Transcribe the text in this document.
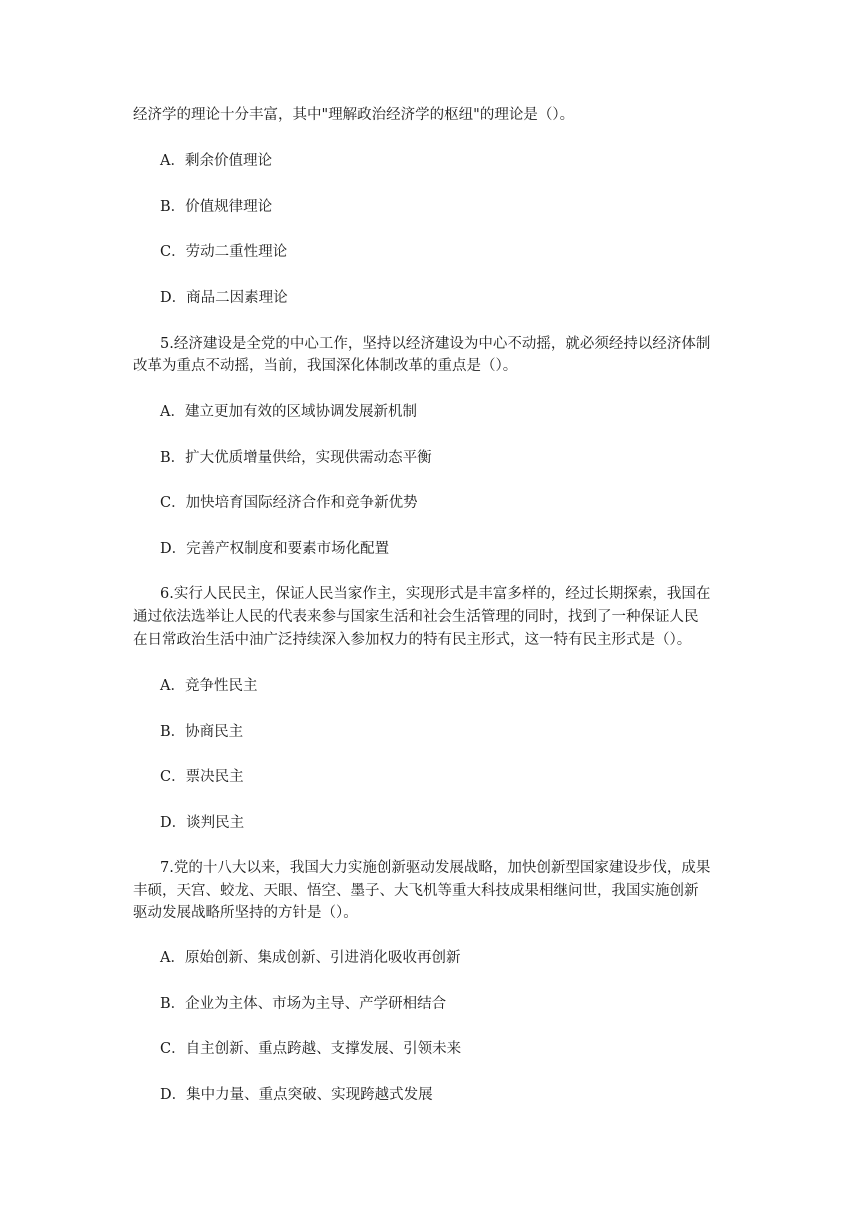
经济学的理论十分丰富，其中"理解政治经济学的枢纽"的理论是（）。
A．剩余价值理论
B．价值规律理论
C．劳动二重性理论
D．商品二因素理论
5.经济建设是全党的中心工作，坚持以经济建设为中心不动摇，就必须经持以经济体制
改革为重点不动摇，当前，我国深化体制改革的重点是（）。
A．建立更加有效的区域协调发展新机制
B．扩大优质增量供给，实现供需动态平衡
C．加快培育国际经济合作和竞争新优势
D．完善产权制度和要素市场化配置
6.实行人民民主，保证人民当家作主，实现形式是丰富多样的，经过长期探索，我国在
通过依法选举让人民的代表来参与国家生活和社会生活管理的同时，找到了一种保证人民
在日常政治生活中油广泛持续深入参加权力的特有民主形式，这一特有民主形式是（）。
A．竞争性民主
B．协商民主
C．票决民主
D．谈判民主
7.党的十八大以来，我国大力实施创新驱动发展战略，加快创新型国家建设步伐，成果
丰硕，天宫、蛟龙、天眼、悟空、墨子、大飞机等重大科技成果相继问世，我国实施创新
驱动发展战略所坚持的方针是（）。
A．原始创新、集成创新、引进消化吸收再创新
B．企业为主体、市场为主导、产学研相结合
C．自主创新、重点跨越、支撑发展、引领未来
D．集中力量、重点突破、实现跨越式发展
